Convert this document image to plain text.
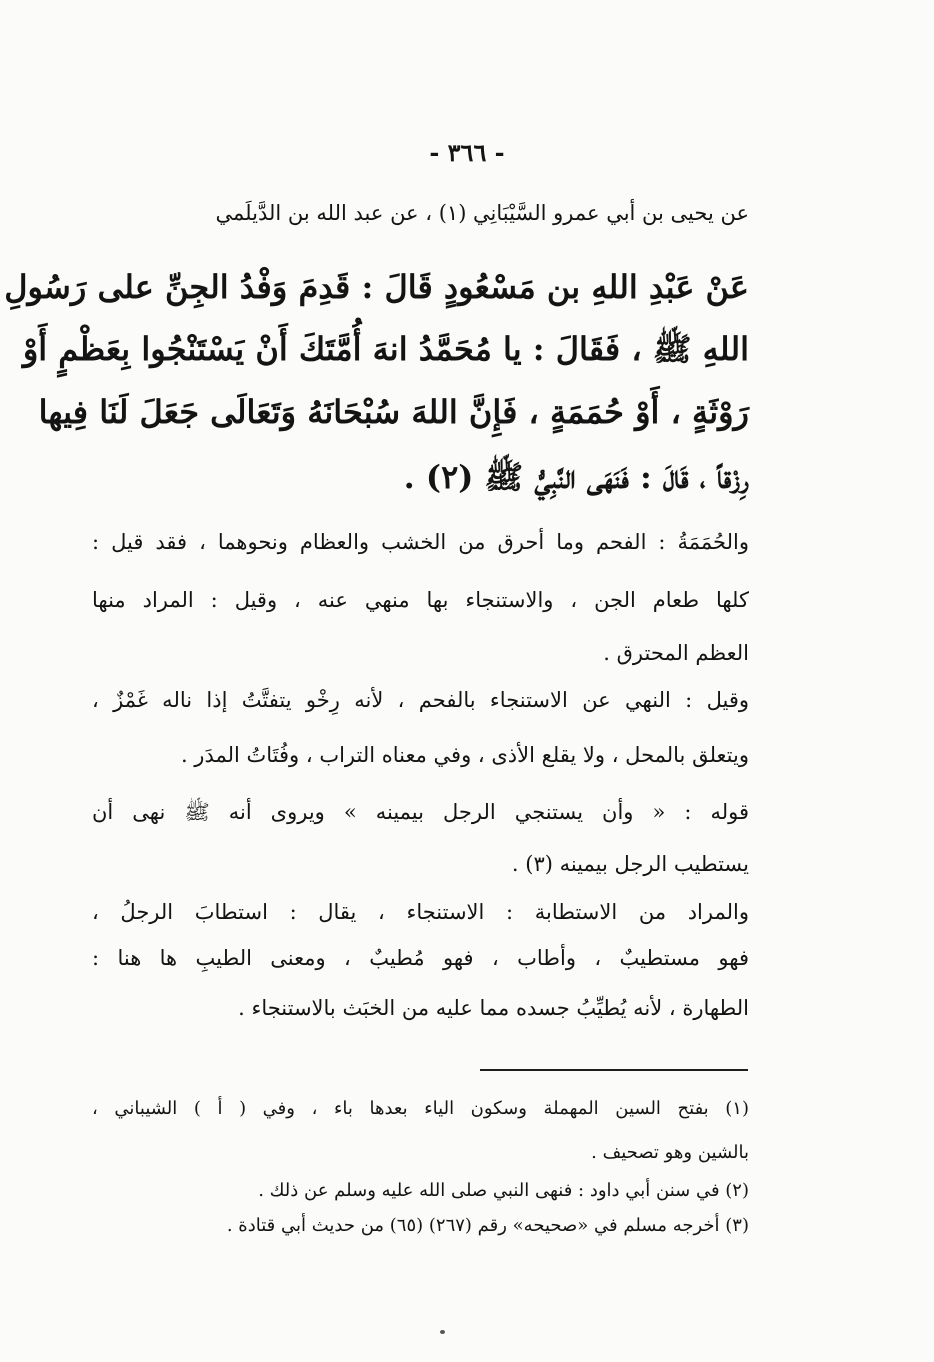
- ٣٦٦ -
عن يحيى بن أبي عمرو السَّيْبَانِي (١) ، عن عبد الله بن الدَّيلَمي
عَنْ عَبْدِ اللهِ بن مَسْعُودٍ قَالَ : قَدِمَ وَفْدُ الجِنِّ على رَسُولِ
اللهِ ﷺ ، فَقَالَ : يا مُحَمَّدُ انهَ أُمَّتَكَ أَنْ يَسْتَنْجُوا بِعَظْمٍ أَوْ
رَوْثَةٍ ، أَوْ حُمَمَةٍ ، فَإِنَّ اللهَ سُبْحَانَهُ وَتَعَالَى جَعَلَ لَنَا فِيها
رِزْقاً ، قَالَ : فَنَهَى النَّبِيُّ ﷺ (٢) .
والحُمَمَةُ : الفحم وما أحرق من الخشب والعظام ونحوهما ، فقد قيل :
كلها طعام الجن ، والاستنجاء بها منهي عنه ، وقيل : المراد منها
العظم المحترق .
وقيل : النهي عن الاستنجاء بالفحم ، لأنه رِخْو يتفتَّتُ إذا ناله غَمْزٌ ،
ويتعلق بالمحل ، ولا يقلع الأذى ، وفي معناه التراب ، وفُتَاتُ المدَر .
قوله : « وأن يستنجي الرجل بيمينه » ويروى أنه ﷺ نهى أن
يستطيب الرجل بيمينه (٣) .
والمراد من الاستطابة : الاستنجاء ، يقال : استطابَ الرجلُ ،
فهو مستطيبٌ ، وأطاب ، فهو مُطيبٌ ، ومعنى الطيبِ ها هنا :
الطهارة ، لأنه يُطيِّبُ جسده مما عليه من الخبَث بالاستنجاء .
(١) بفتح السين المهملة وسكون الياء بعدها باء ، وفي ( أ ) الشيباني ،
بالشين وهو تصحيف .
(٢) في سنن أبي داود : فنهى النبي صلى الله عليه وسلم عن ذلك .
(٣) أخرجه مسلم في «صحيحه» رقم (٢٦٧) (٦٥) من حديث أبي قتادة .
